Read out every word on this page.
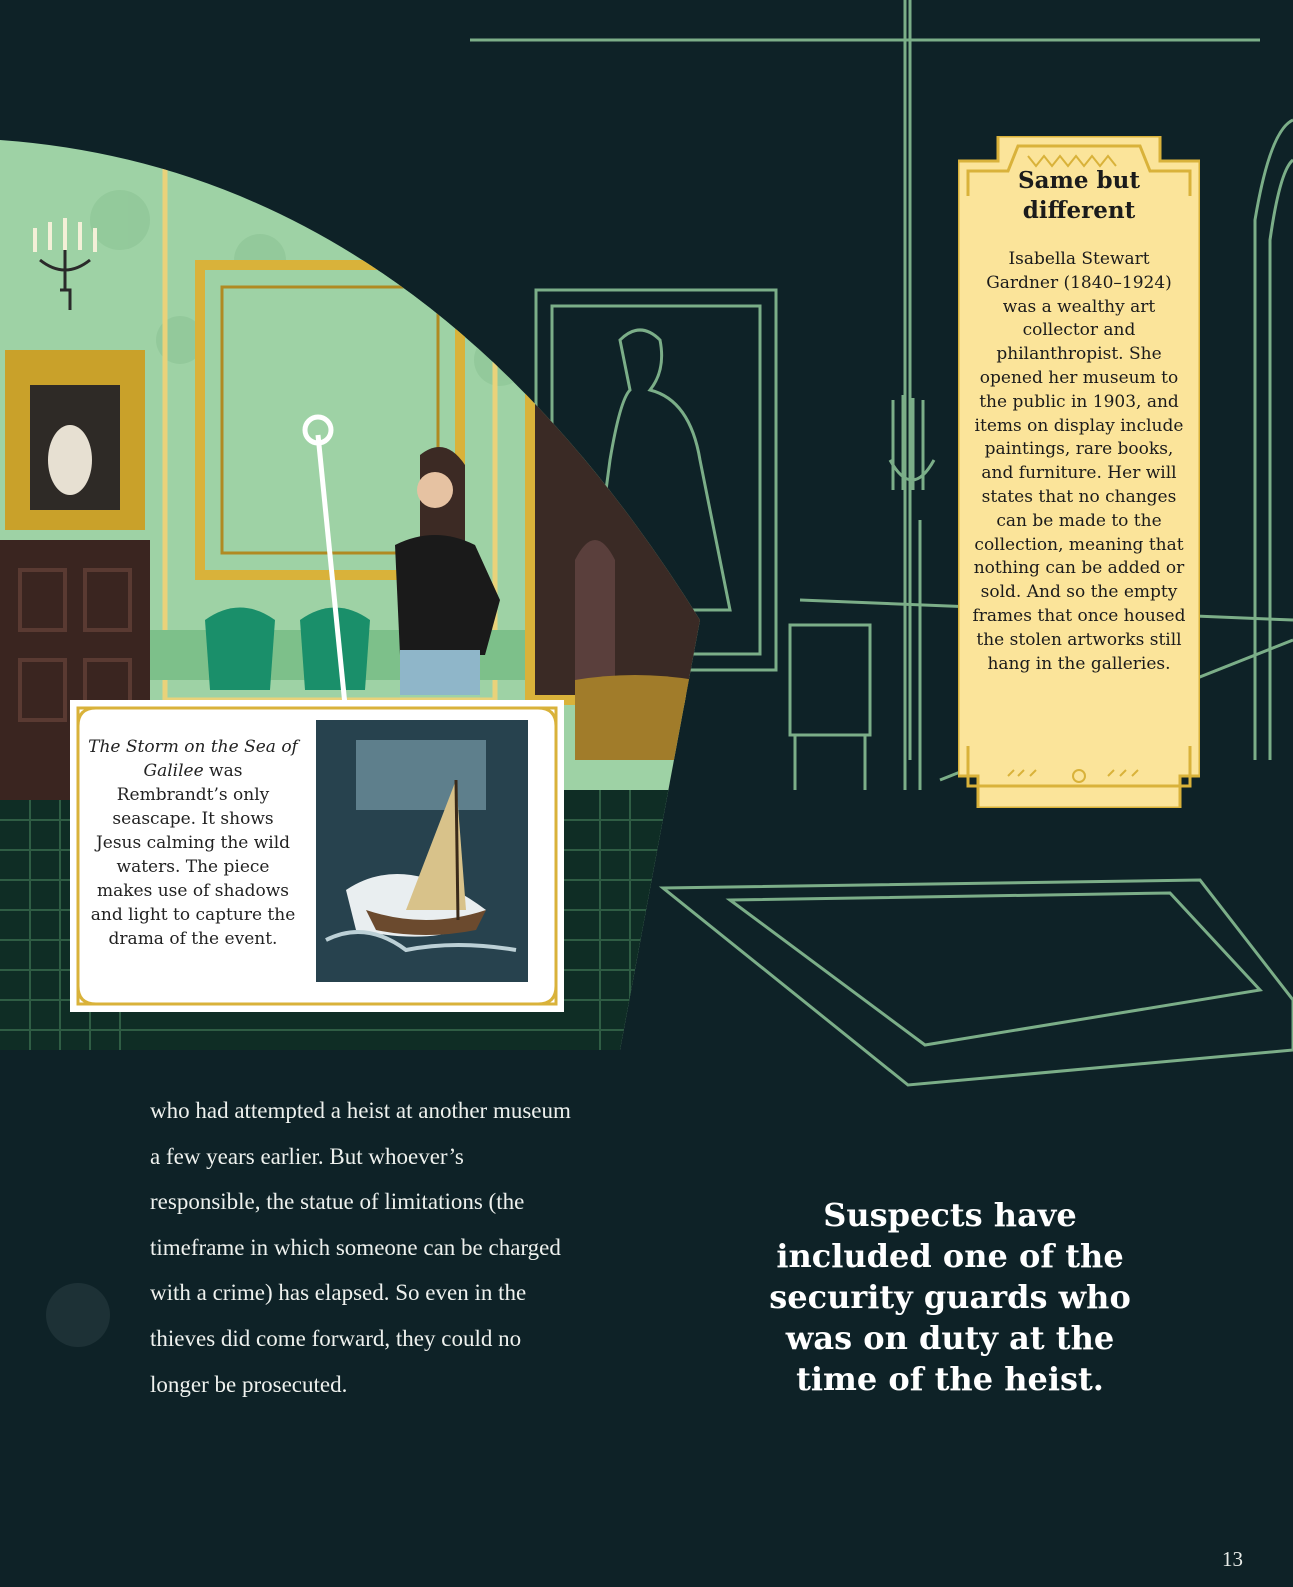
Same but different
Isabella Stewart Gardner (1840–1924) was a wealthy art collector and philanthropist. She opened her museum to the public in 1903, and items on display include paintings, rare books, and furniture. Her will states that no changes can be made to the collection, meaning that nothing can be added or sold. And so the empty frames that once housed the stolen artworks still hang in the galleries.
The Storm on the Sea of Galilee was Rembrandt’s only seascape. It shows Jesus calming the wild waters. The piece makes use of shadows and light to capture the drama of the event.
who had attempted a heist at another museum a few years earlier. But whoever’s responsible, the statue of limitations (the timeframe in which someone can be charged with a crime) has elapsed. So even in the thieves did come forward, they could no longer be prosecuted.
Suspects have included one of the security guards who was on duty at the time of the heist.
13
